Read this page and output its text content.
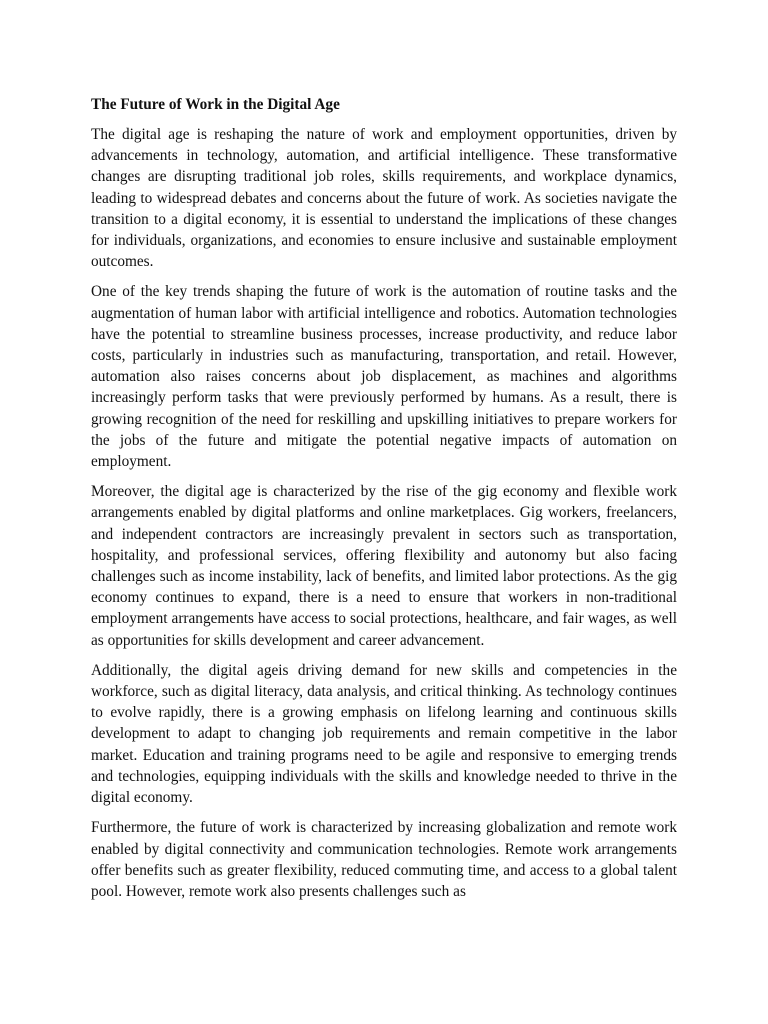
The Future of Work in the Digital Age

The digital age is reshaping the nature of work and employment opportunities, driven by advancements in technology, automation, and artificial intelligence. These transformative changes are disrupting traditional job roles, skills requirements, and workplace dynamics, leading to widespread debates and concerns about the future of work. As societies navigate the transition to a digital economy, it is essential to understand the implications of these changes for individuals, organizations, and economies to ensure inclusive and sustainable employment outcomes.

One of the key trends shaping the future of work is the automation of routine tasks and the augmentation of human labor with artificial intelligence and robotics. Automation technologies have the potential to streamline business processes, increase productivity, and reduce labor costs, particularly in industries such as manufacturing, transportation, and retail. However, automation also raises concerns about job displacement, as machines and algorithms increasingly perform tasks that were previously performed by humans. As a result, there is growing recognition of the need for reskilling and upskilling initiatives to prepare workers for the jobs of the future and mitigate the potential negative impacts of automation on employment.

Moreover, the digital age is characterized by the rise of the gig economy and flexible work arrangements enabled by digital platforms and online marketplaces. Gig workers, freelancers, and independent contractors are increasingly prevalent in sectors such as transportation, hospitality, and professional services, offering flexibility and autonomy but also facing challenges such as income instability, lack of benefits, and limited labor protections. As the gig economy continues to expand, there is a need to ensure that workers in non-traditional employment arrangements have access to social protections, healthcare, and fair wages, as well as opportunities for skills development and career advancement.

Additionally, the digital ageis driving demand for new skills and competencies in the workforce, such as digital literacy, data analysis, and critical thinking. As technology continues to evolve rapidly, there is a growing emphasis on lifelong learning and continuous skills development to adapt to changing job requirements and remain competitive in the labor market. Education and training programs need to be agile and responsive to emerging trends and technologies, equipping individuals with the skills and knowledge needed to thrive in the digital economy.

Furthermore, the future of work is characterized by increasing globalization and remote work enabled by digital connectivity and communication technologies. Remote work arrangements offer benefits such as greater flexibility, reduced commuting time, and access to a global talent pool. However, remote work also presents challenges such as
